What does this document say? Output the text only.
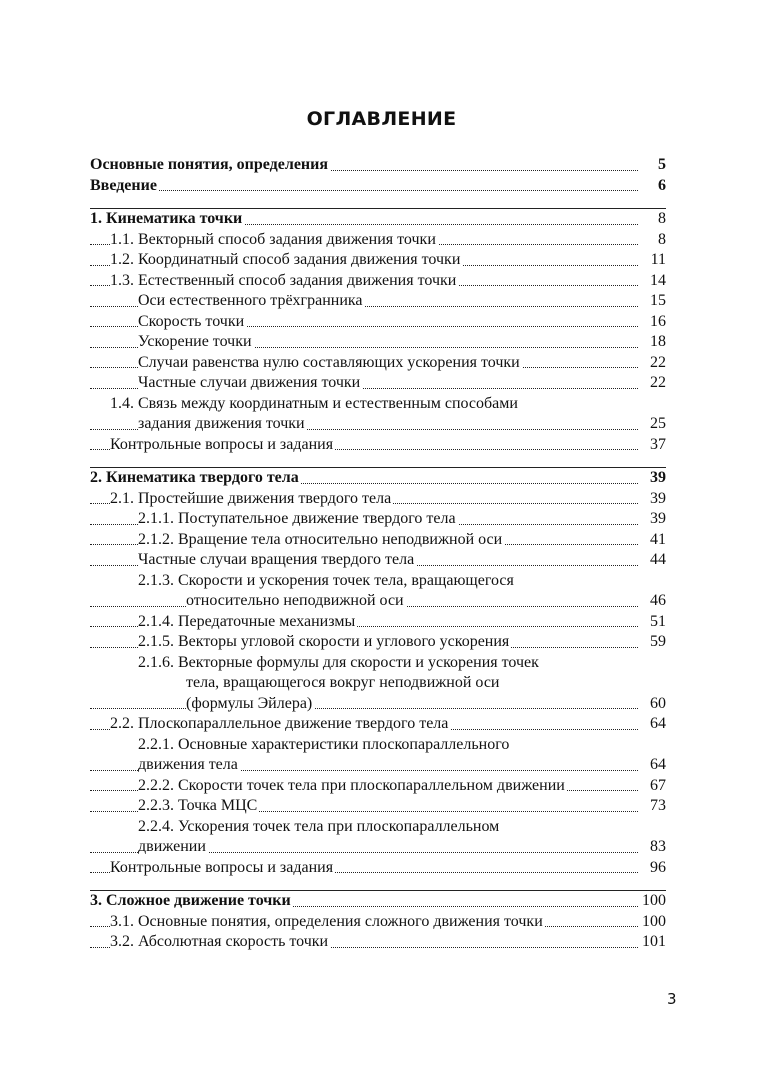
ОГЛАВЛЕНИЕ
Основные понятия, определения	5
Введение	6
1. Кинематика точки	8
1.1. Векторный способ задания движения точки	8
1.2. Координатный способ задания движения точки	11
1.3. Естественный способ задания движения точки	14
Оси естественного трёхгранника	15
Скорость точки	16
Ускорение точки	18
Случаи равенства нулю составляющих ускорения точки	22
Частные случаи движения точки	22
1.4. Связь между координатным и естественным способами
задания движения точки	25
Контрольные вопросы и задания	37
2. Кинематика твердого тела	39
2.1. Простейшие движения твердого тела	39
2.1.1. Поступательное движение твердого тела	39
2.1.2. Вращение тела относительно неподвижной оси	41
Частные случаи вращения твердого тела	44
2.1.3. Скорости и ускорения точек тела, вращающегося
относительно неподвижной оси	46
2.1.4. Передаточные механизмы	51
2.1.5. Векторы угловой скорости и углового ускорения	59
2.1.6. Векторные формулы для скорости и ускорения точек
тела, вращающегося вокруг неподвижной оси
(формулы Эйлера)	60
2.2. Плоскопараллельное движение твердого тела	64
2.2.1. Основные характеристики плоскопараллельного
движения тела	64
2.2.2. Скорости точек тела при плоскопараллельном движении	67
2.2.3. Точка МЦС	73
2.2.4. Ускорения точек тела при плоскопараллельном
движении	83
Контрольные вопросы и задания	96
3. Сложное движение точки	100
3.1. Основные понятия, определения сложного движения точки	100
3.2. Абсолютная скорость точки	101
3
